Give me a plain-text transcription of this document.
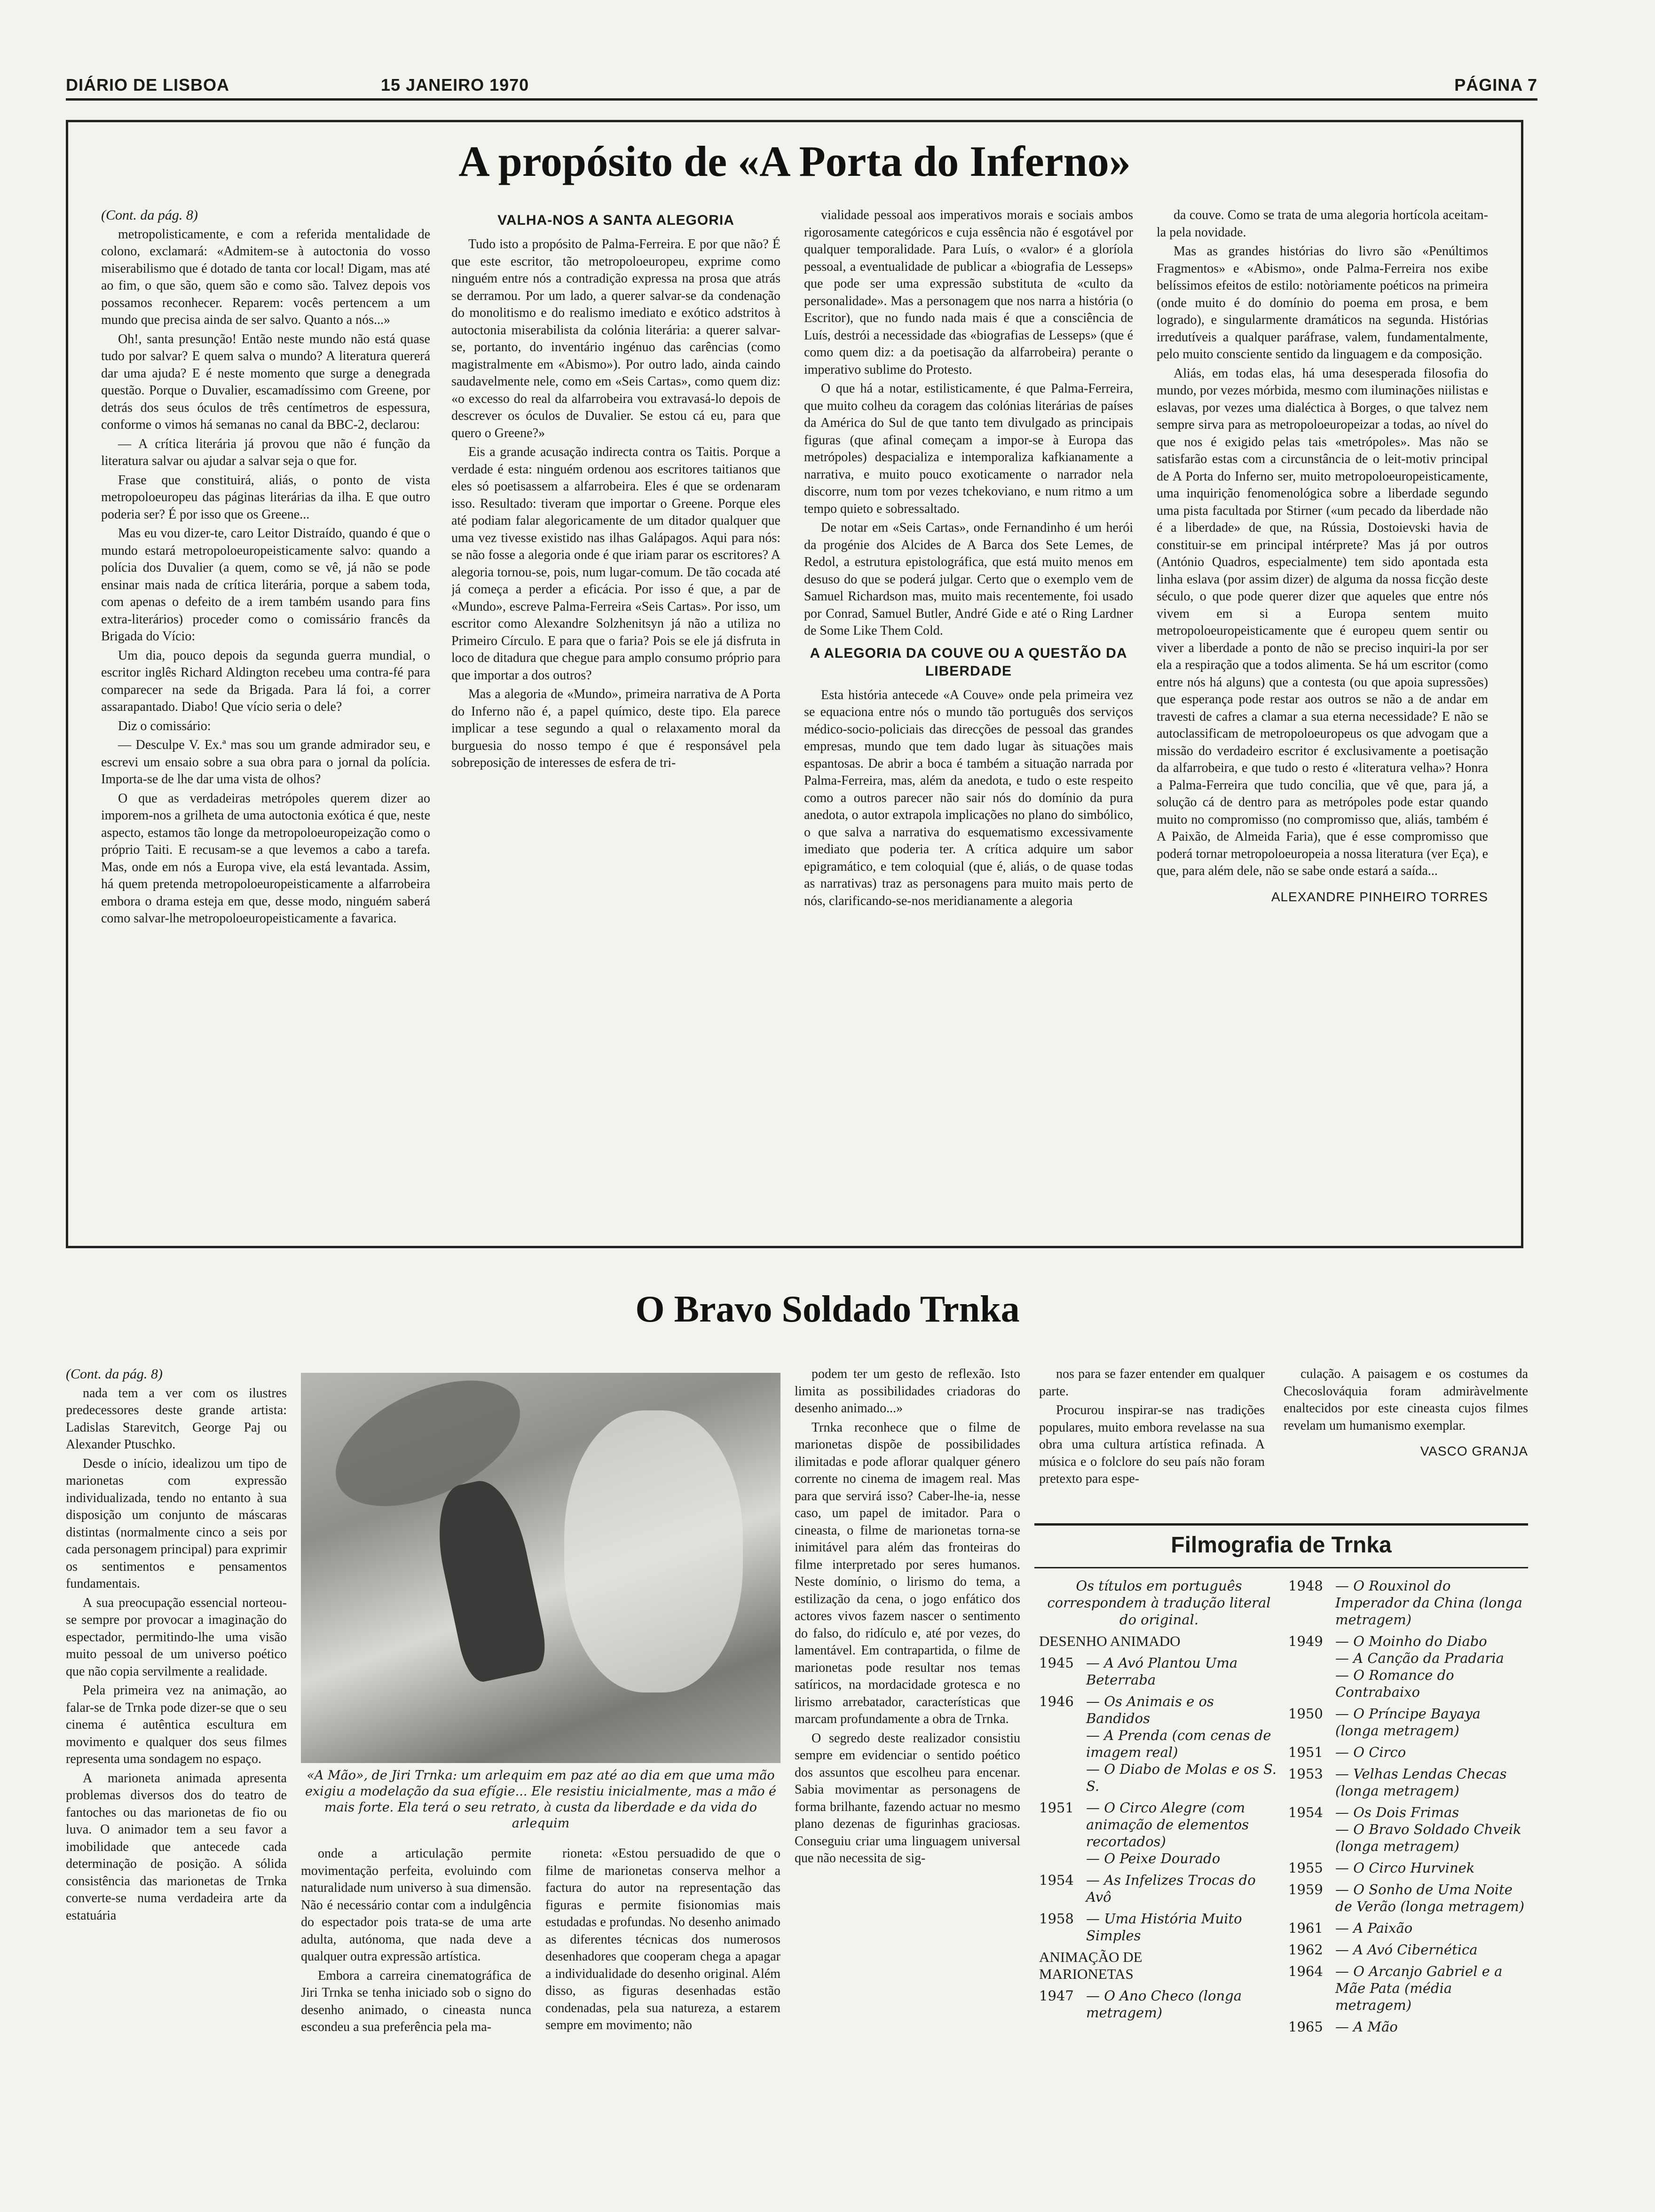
DIÁRIO DE LISBOA	15 JANEIRO 1970	PÁGINA 7
A propósito de «A Porta do Inferno»

(Cont. da pág. 8)

metropolisticamente, e com a referida mentalidade de colono, exclamará: «Admitem-se à autoctonia do vosso miserabilismo que é dotado de tanta cor local! Digam, mas até ao fim, o que são, quem são e como são. Talvez depois vos possamos reconhecer. Reparem: vocês pertencem a um mundo que precisa ainda de ser salvo. Quanto a nós...»

Oh!, santa presunção! Então neste mundo não está quase tudo por salvar? E quem salva o mundo? A literatura quererá dar uma ajuda? E é neste momento que surge a denegrada questão. Porque o Duvalier, escamadíssimo com Greene, por detrás dos seus óculos de três centímetros de espessura, conforme o vimos há semanas no canal da BBC-2, declarou:

— A crítica literária já provou que não é função da literatura salvar ou ajudar a salvar seja o que for.

Frase que constituirá, aliás, o ponto de vista metropoloeuropeu das páginas literárias da ilha. E que outro poderia ser? É por isso que os Greene...

Mas eu vou dizer-te, caro Leitor Distraído, quando é que o mundo estará metropoloeuropeisticamente salvo: quando a polícia dos Duvalier (a quem, como se vê, já não se pode ensinar mais nada de crítica literária, porque a sabem toda, com apenas o defeito de a irem também usando para fins extra-literários) proceder como o comissário francês da Brigada do Vício:

Um dia, pouco depois da segunda guerra mundial, o escritor inglês Richard Aldington recebeu uma contra-fé para comparecer na sede da Brigada. Para lá foi, a correr assarapantado. Diabo! Que vício seria o dele?

Diz o comissário:

— Desculpe V. Ex.ª mas sou um grande admirador seu, e escrevi um ensaio sobre a sua obra para o jornal da polícia. Importa-se de lhe dar uma vista de olhos?

O que as verdadeiras metrópoles querem dizer ao imporem-nos a grilheta de uma autoctonia exótica é que, neste aspecto, estamos tão longe da metropoloeuropeização como o próprio Taiti. E recusam-se a que levemos a cabo a tarefa. Mas, onde em nós a Europa vive, ela está levantada. Assim, há quem pretenda metropoloeuropeisticamente a alfarrobeira embora o drama esteja em que, desse modo, ninguém saberá como salvar-lhe metropoloeuropeisticamente a favarica.

VALHA-NOS A SANTA ALEGORIA

Tudo isto a propósito de Palma-Ferreira. E por que não? É que este escritor, tão metropoloeuropeu, exprime como ninguém entre nós a contradição expressa na prosa que atrás se derramou. Por um lado, a querer salvar-se da condenação do monolitismo e do realismo imediato e exótico adstritos à autoctonia miserabilista da colónia literária: a querer salvar-se, portanto, do inventário ingénuo das carências (como magistralmente em «Abismo»). Por outro lado, ainda caindo saudavelmente nele, como em «Seis Cartas», como quem diz: «o excesso do real da alfarrobeira vou extravasá-lo depois de descrever os óculos de Duvalier. Se estou cá eu, para que quero o Greene?»

Eis a grande acusação indirecta contra os Taitis. Porque a verdade é esta: ninguém ordenou aos escritores taitianos que eles só poetisassem a alfarrobeira. Eles é que se ordenaram isso. Resultado: tiveram que importar o Greene. Porque eles até podiam falar alegoricamente de um ditador qualquer que uma vez tivesse existido nas ilhas Galápagos. Aqui para nós: se não fosse a alegoria onde é que iriam parar os escritores? A alegoria tornou-se, pois, num lugar-comum. De tão cocada até já começa a perder a eficácia. Por isso é que, a par de «Mundo», escreve Palma-Ferreira «Seis Cartas». Por isso, um escritor como Alexandre Solzhenitsyn já não a utiliza no Primeiro Círculo. E para que o faria? Pois se ele já disfruta in loco de ditadura que chegue para amplo consumo próprio para que importar a dos outros?

Mas a alegoria de «Mundo», primeira narrativa de A Porta do Inferno não é, a papel químico, deste tipo. Ela parece implicar a tese segundo a qual o relaxamento moral da burguesia do nosso tempo é que é responsável pela sobreposição de interesses de esfera de tri-

vialidade pessoal aos imperativos morais e sociais ambos rigorosamente categóricos e cuja essência não é esgotável por qualquer temporalidade. Para Luís, o «valor» é a gloríola pessoal, a eventualidade de publicar a «biografia de Lesseps» que pode ser uma expressão substituta de «culto da personalidade». Mas a personagem que nos narra a história (o Escritor), que no fundo nada mais é que a consciência de Luís, destrói a necessidade das «biografias de Lesseps» (que é como quem diz: a da poetisação da alfarrobeira) perante o imperativo sublime do Protesto.

O que há a notar, estilisticamente, é que Palma-Ferreira, que muito colheu da coragem das colónias literárias de países da América do Sul de que tanto tem divulgado as principais figuras (que afinal começam a impor-se à Europa das metrópoles) despacializa e intemporaliza kafkianamente a narrativa, e muito pouco exoticamente o narrador nela discorre, num tom por vezes tchekoviano, e num ritmo a um tempo quieto e sobressaltado.

De notar em «Seis Cartas», onde Fernandinho é um herói da progénie dos Alcides de A Barca dos Sete Lemes, de Redol, a estrutura epistolográfica, que está muito menos em desuso do que se poderá julgar. Certo que o exemplo vem de Samuel Richardson mas, muito mais recentemente, foi usado por Conrad, Samuel Butler, André Gide e até o Ring Lardner de Some Like Them Cold.

A ALEGORIA DA COUVE OU A QUESTÃO DA LIBERDADE

Esta história antecede «A Couve» onde pela primeira vez se equaciona entre nós o mundo tão português dos serviços médico-socio-policiais das direcções de pessoal das grandes empresas, mundo que tem dado lugar às situações mais espantosas. De abrir a boca é também a situação narrada por Palma-Ferreira, mas, além da anedota, e tudo o este respeito como a outros parecer não sair nós do domínio da pura anedota, o autor extrapola implicações no plano do simbólico, o que salva a narrativa do esquematismo excessivamente imediato que poderia ter. A crítica adquire um sabor epigramático, e tem coloquial (que é, aliás, o de quase todas as narrativas) traz as personagens para muito mais perto de nós, clarificando-se-nos meridianamente a alegoria

da couve. Como se trata de uma alegoria hortícola aceitam-la pela novidade.

Mas as grandes histórias do livro são «Penúltimos Fragmentos» e «Abismo», onde Palma-Ferreira nos exibe belíssimos efeitos de estilo: notòriamente poéticos na primeira (onde muito é do domínio do poema em prosa, e bem logrado), e singularmente dramáticos na segunda. Histórias irredutíveis a qualquer paráfrase, valem, fundamentalmente, pelo muito consciente sentido da linguagem e da composição.

Aliás, em todas elas, há uma desesperada filosofia do mundo, por vezes mórbida, mesmo com iluminações niilistas e eslavas, por vezes uma dialéctica à Borges, o que talvez nem sempre sirva para as metropoloeuropeizar a todas, ao nível do que nos é exigido pelas tais «metrópoles». Mas não se satisfarão estas com a circunstância de o leit-motiv principal de A Porta do Inferno ser, muito metropoloeuropeisticamente, uma inquirição fenomenológica sobre a liberdade segundo uma pista facultada por Stirner («um pecado da liberdade não é a liberdade» de que, na Rússia, Dostoievski havia de constituir-se em principal intérprete? Mas já por outros (António Quadros, especialmente) tem sido apontada esta linha eslava (por assim dizer) de alguma da nossa ficção deste século, o que pode querer dizer que aqueles que entre nós vivem em si a Europa sentem muito metropoloeuropeisticamente que é europeu quem sentir ou viver a liberdade a ponto de não se preciso inquiri-la por ser ela a respiração que a todos alimenta. Se há um escritor (como entre nós há alguns) que a contesta (ou que apoia supressões) que esperança pode restar aos outros se não a de andar em travesti de cafres a clamar a sua eterna necessidade? E não se autoclassificam de metropoloeuropeus os que advogam que a missão do verdadeiro escritor é exclusivamente a poetisação da alfarrobeira, e que tudo o resto é «literatura velha»? Honra a Palma-Ferreira que tudo concilia, que vê que, para já, a solução cá de dentro para as metrópoles pode estar quando muito no compromisso (no compromisso que, aliás, também é A Paixão, de Almeida Faria), que é esse compromisso que poderá tornar metropoloeuropeia a nossa literatura (ver Eça), e que, para além dele, não se sabe onde estará a saída...

ALEXANDRE PINHEIRO TORRES
O Bravo Soldado Trnka

(Cont. da pág. 8)

nada tem a ver com os ilustres predecessores deste grande artista: Ladislas Starevitch, George Paj ou Alexander Ptuschko.

Desde o início, idealizou um tipo de marionetas com expressão individualizada, tendo no entanto à sua disposição um conjunto de máscaras distintas (normalmente cinco a seis por cada personagem principal) para exprimir os sentimentos e pensamentos fundamentais.

A sua preocupação essencial norteou-se sempre por provocar a imaginação do espectador, permitindo-lhe uma visão muito pessoal de um universo poético que não copia servilmente a realidade.

Pela primeira vez na animação, ao falar-se de Trnka pode dizer-se que o seu cinema é autêntica escultura em movimento e qualquer dos seus filmes representa uma sondagem no espaço.

A marioneta animada apresenta problemas diversos dos do teatro de fantoches ou das marionetas de fio ou luva. O animador tem a seu favor a imobilidade que antecede cada determinação de posição. A sólida consistência das marionetas de Trnka converte-se numa verdadeira arte da estatuária

«A Mão», de Jiri Trnka: um arlequim em paz até ao dia em que uma mão exigiu a modelação da sua efígie... Ele resistiu inicialmente, mas a mão é mais forte. Ela terá o seu retrato, à custa da liberdade e da vida do arlequim

onde a articulação permite movimentação perfeita, evoluindo com naturalidade num universo à sua dimensão. Não é necessário contar com a indulgência do espectador pois trata-se de uma arte adulta, autónoma, que nada deve a qualquer outra expressão artística.

Embora a carreira cinematográfica de Jiri Trnka se tenha iniciado sob o signo do desenho animado, o cineasta nunca escondeu a sua preferência pela ma-

rioneta: «Estou persuadido de que o filme de marionetas conserva melhor a factura do autor na representação das figuras e permite fisionomias mais estudadas e profundas. No desenho animado as diferentes técnicas dos numerosos desenhadores que cooperam chega a apagar a individualidade do desenho original. Além disso, as figuras desenhadas estão condenadas, pela sua natureza, a estarem sempre em movimento; não

podem ter um gesto de reflexão. Isto limita as possibilidades criadoras do desenho animado...»

Trnka reconhece que o filme de marionetas dispõe de possibilidades ilimitadas e pode aflorar qualquer género corrente no cinema de imagem real. Mas para que servirá isso? Caber-lhe-ia, nesse caso, um papel de imitador. Para o cineasta, o filme de marionetas torna-se inimitável para além das fronteiras do filme interpretado por seres humanos. Neste domínio, o lirismo do tema, a estilização da cena, o jogo enfático dos actores vivos fazem nascer o sentimento do falso, do ridículo e, até por vezes, do lamentável. Em contrapartida, o filme de marionetas pode resultar nos temas satíricos, na mordacidade grotesca e no lirismo arrebatador, características que marcam profundamente a obra de Trnka.

O segredo deste realizador consistiu sempre em evidenciar o sentido poético dos assuntos que escolheu para encenar. Sabia movimentar as personagens de forma brilhante, fazendo actuar no mesmo plano dezenas de figurinhas graciosas. Conseguiu criar uma linguagem universal que não necessita de sig-

nos para se fazer entender em qualquer parte.

Procurou inspirar-se nas tradições populares, muito embora revelasse na sua obra uma cultura artística refinada. A música e o folclore do seu país não foram pretexto para espe-

culação. A paisagem e os costumes da Checoslováquia foram admiràvelmente enaltecidos por este cineasta cujos filmes revelam um humanismo exemplar.

VASCO GRANJA
Filmografia de Trnka
Os títulos em português correspondem à tradução literal do original.
DESENHO ANIMADO
1945 — A Avó Plantou Uma Beterraba
1946 — Os Animais e os Bandidos
— A Prenda (com cenas de imagem real)
— O Diabo de Molas e os S. S.
1951 — O Circo Alegre (com animação de elementos recortados)
— O Peixe Dourado
1954 — As Infelizes Trocas do Avô
1958 — Uma História Muito Simples
ANIMAÇÃO DE MARIONETAS
1947 — O Ano Checo (longa metragem)
1948 — O Rouxinol do Imperador da China (longa metragem)
1949 — O Moinho do Diabo
— A Canção da Pradaria
— O Romance do Contrabaixo
1950 — O Príncipe Bayaya (longa metragem)
1951 — O Circo
1953 — Velhas Lendas Checas (longa metragem)
1954 — Os Dois Frimas
— O Bravo Soldado Chveik (longa metragem)
1955 — O Circo Hurvinek
1959 — O Sonho de Uma Noite de Verão (longa metragem)
1961 — A Paixão
1962 — A Avó Cibernética
1964 — O Arcanjo Gabriel e a Mãe Pata (média metragem)
1965 — A Mão
